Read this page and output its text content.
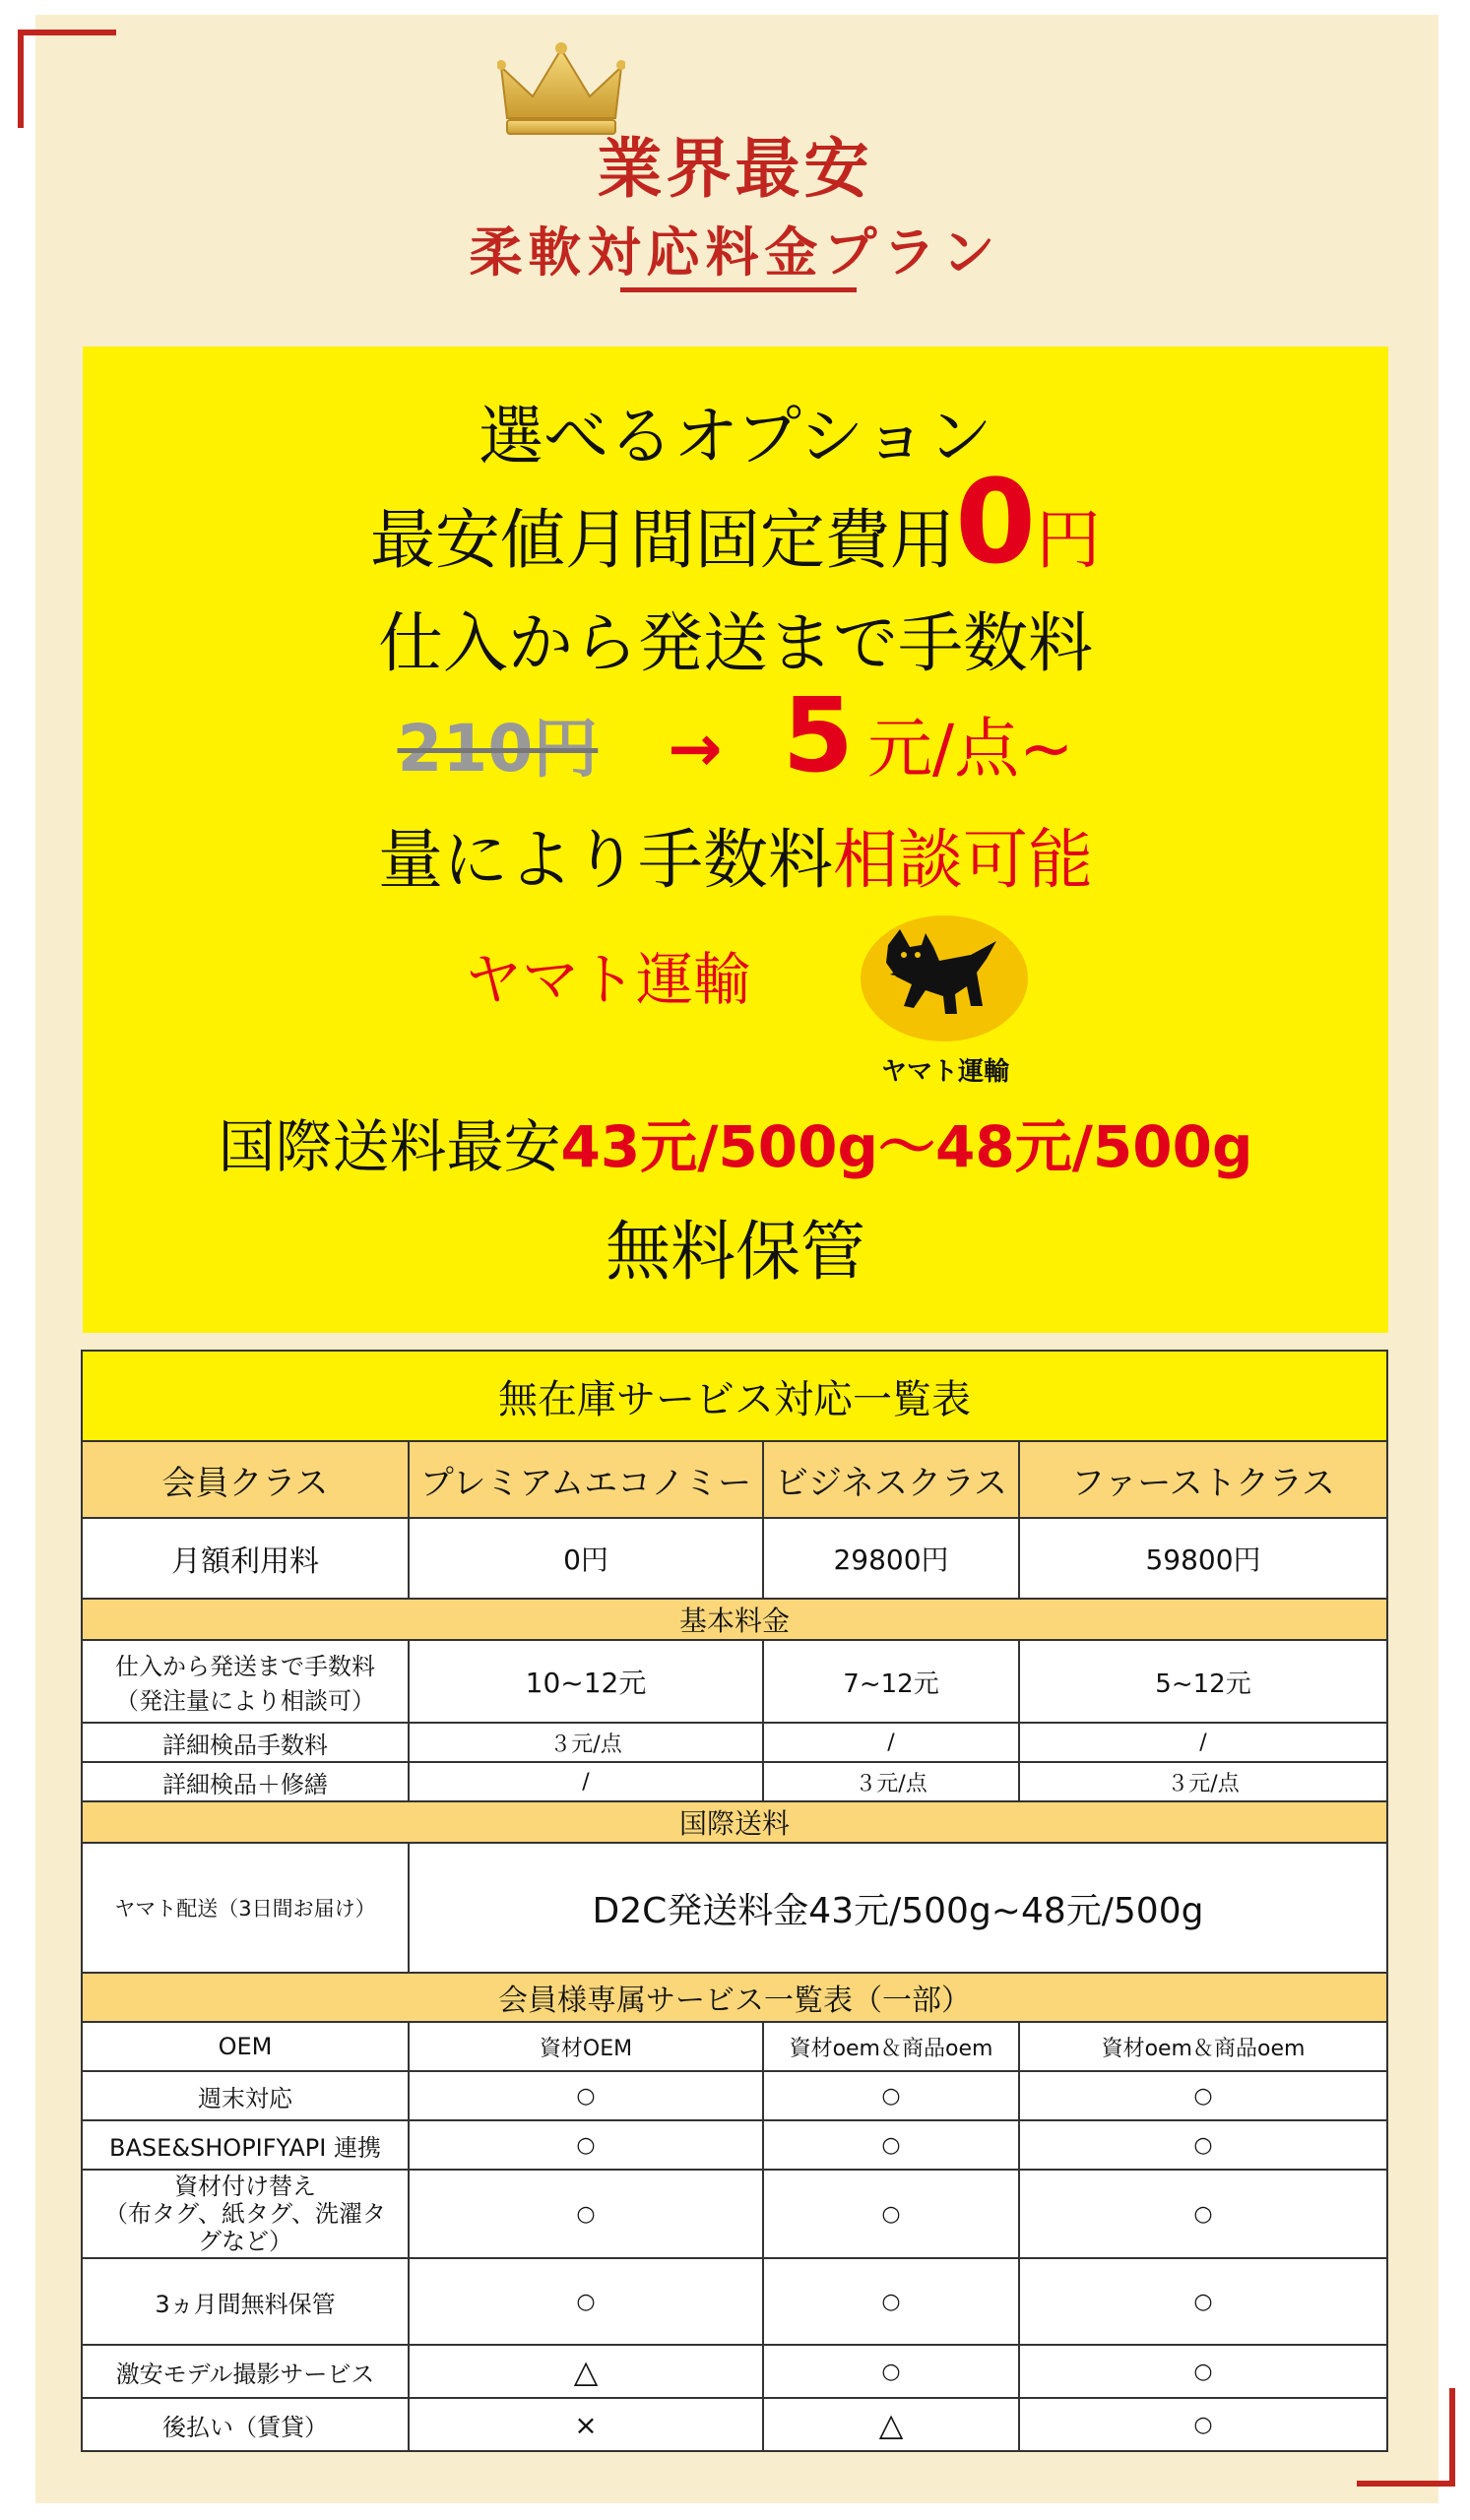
業界最安
柔軟対応料金プラン
選べるオプション
最安値月間固定費用0円
仕入から発送まで手数料
210円 → 5 元/点~
量により手数料相談可能
ヤマト運輸
国際送料最安43元/500g〜48元/500g
無料保管
ヤマト運輸
無在庫サービス対応一覧表			
会員クラス	プレミアムエコノミー	ビジネスクラス	ファーストクラス
月額利用料	0円	29800円	59800円
基本料金			

仕入から発送まで手数料
（発注量により相談可）	10~12元	7~12元	5~12元
詳細検品手数料	３元/点	/	/
詳細検品＋修繕	/	３元/点	３元/点
国際送料			
ヤマト配送（3日間お届け）	D2C発送料金43元/500g~48元/500g		
会員様専属サービス一覧表（一部）			
OEM	資材OEM	資材oem＆商品oem	資材oem＆商品oem
週末対応	○	○	○
BASE&SHOPIFYAPI 連携	○	○	○

資材付け替え
（布タグ、紙タグ、洗濯タ
グなど）	○	○	○
3ヵ月間無料保管	○	○	○
激安モデル撮影サービス	△	○	○
後払い（賃貸）	×	△	○
